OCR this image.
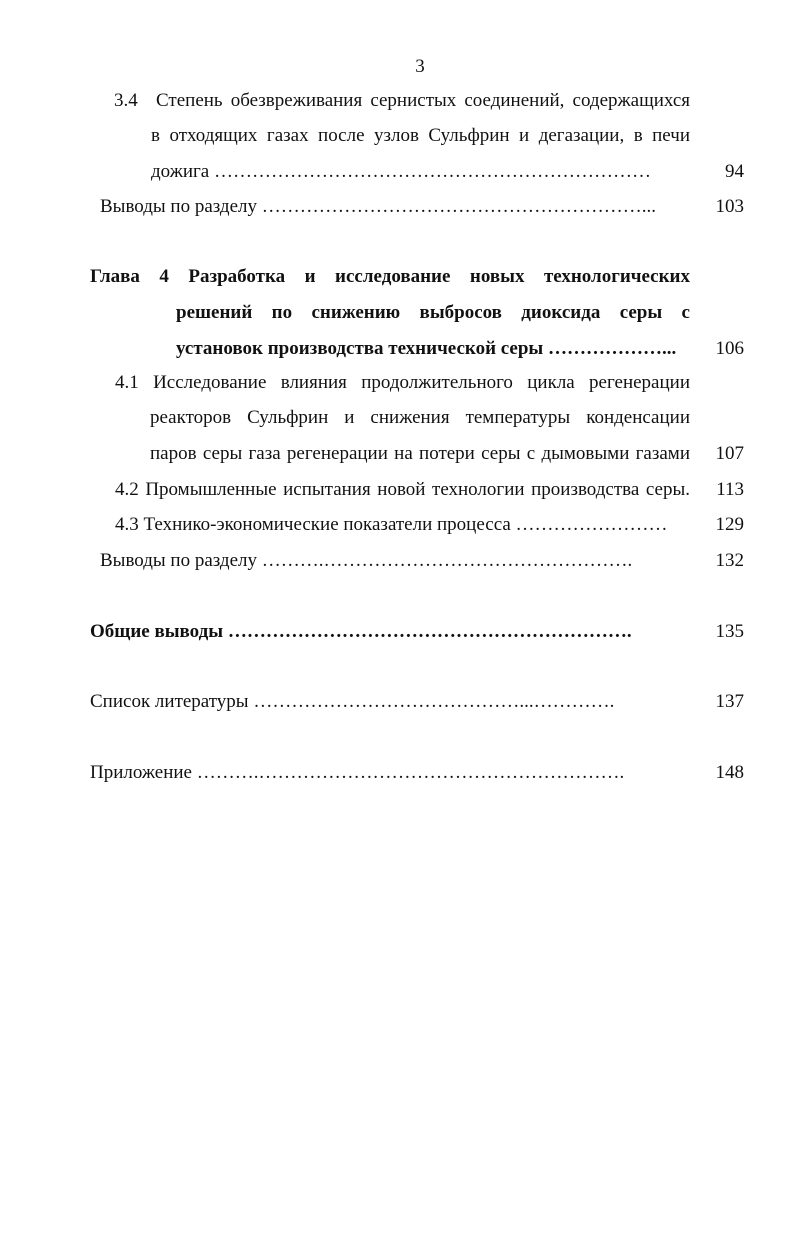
3
3.4 Степень обезвреживания сернистых соединений, содержащихся
в отходящих газах после узлов Сульфрин и дегазации, в печи
дожига ……………………………………………………………	94
Выводы по разделу ……………………………………………………...	103
Глава 4 Разработка и исследование новых технологических
решений по снижению выбросов диоксида серы с
установок производства технической серы ………………... 106
4.1 Исследование влияния продолжительного цикла регенерации
реакторов Сульфрин и снижения температуры конденсации
паров серы газа регенерации на потери серы с дымовыми газами 107
4.2 Промышленные испытания новой технологии производства серы. 113
4.3 Технико-экономические показатели процесса ……………………	129
Выводы по разделу ……….………………………………………….	132
Общие выводы ……………………………………………………….	135
Список литературы ……………………………………...………….	137
Приложение ……….………………………………………………….	148
